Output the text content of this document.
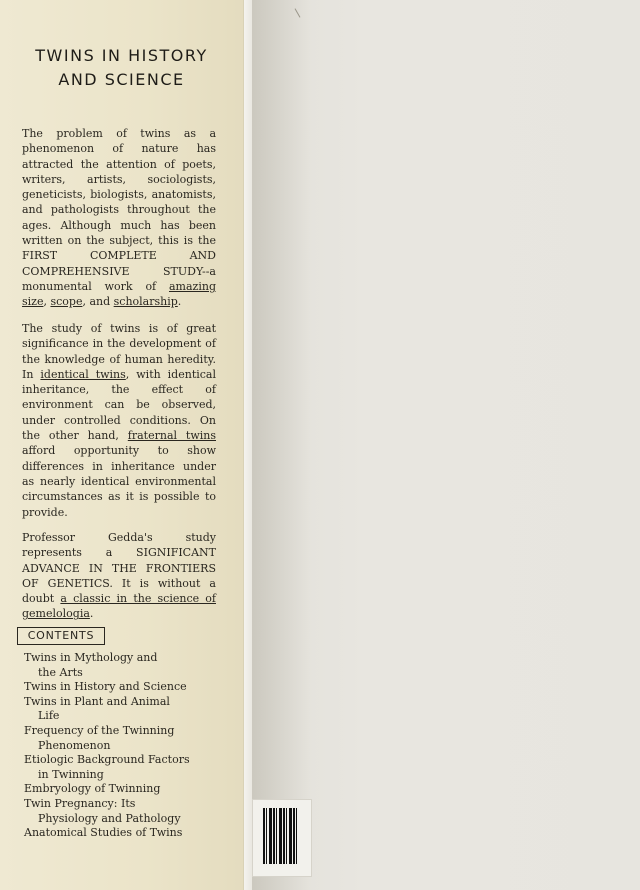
TWINS IN HISTORY
AND SCIENCE
The problem of twins as a phenomenon of nature has attracted the attention of poets, writers, artists, sociologists, geneticists, biologists, anatomists, and pathologists throughout the ages. Although much has been written on the subject, this is the FIRST COMPLETE AND COMPREHENSIVE STUDY--a monumental work of amazing size, scope, and scholarship.
The study of twins is of great significance in the development of the knowledge of human heredity. In identical twins, with identical inheritance, the effect of environment can be observed, under controlled conditions. On the other hand, fraternal twins afford opportunity to show differences in inheritance under as nearly identical environmental circumstances as it is possible to provide.
Professor Gedda's study represents a SIGNIFICANT ADVANCE IN THE FRONTIERS OF GENETICS. It is without a doubt a classic in the science of gemelologia.
CONTENTS
Twins in Mythology and
the Arts
Twins in History and Science
Twins in Plant and Animal
Life
Frequency of the Twinning
Phenomenon
Etiologic Background Factors
in Twinning
Embryology of Twinning
Twin Pregnancy: Its
Physiology and Pathology
Anatomical Studies of Twins
